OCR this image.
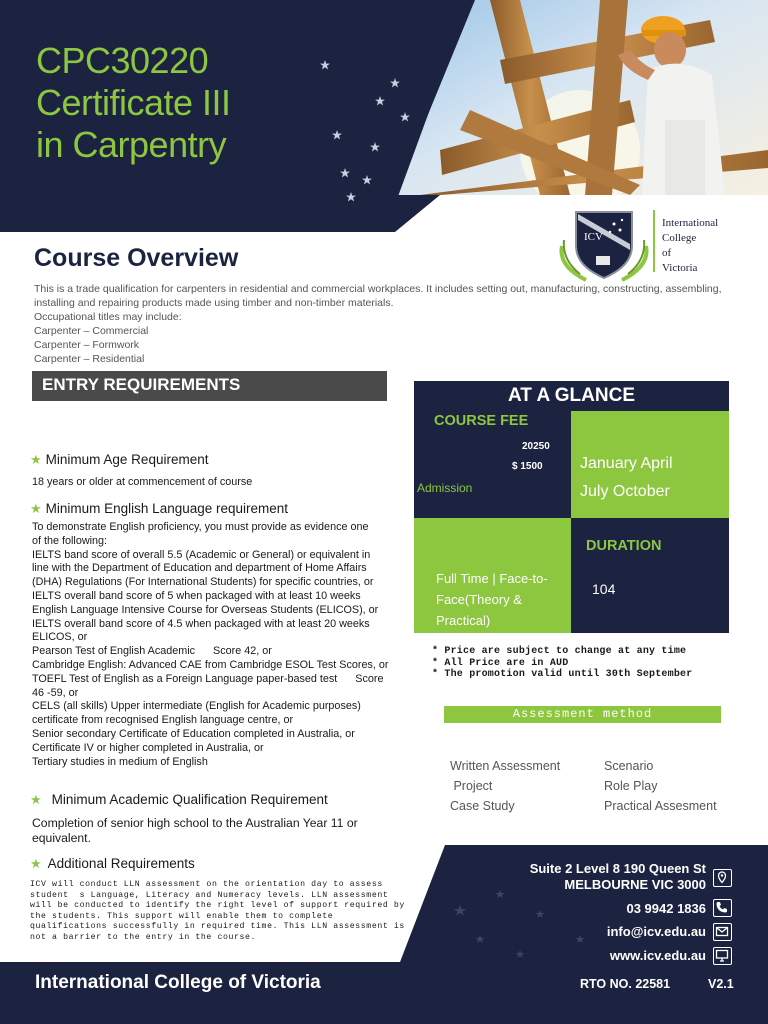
CPC30220
Certificate III
in Carpentry
ICV
International
College
of
Victoria
Course Overview
This is a trade qualification for carpenters in residential and commercial workplaces. It includes setting out, manufacturing, constructing, assembling, installing and repairing products made using timber and non-timber materials.
Occupational titles may include:
Carpenter – Commercial
Carpenter – Formwork
Carpenter – Residential
ENTRY REQUIREMENTS
★ Minimum Age Requirement
18 years or older at commencement of course
★ Minimum English Language requirement
To demonstrate English proficiency, you must provide as evidence one
of the following:
IELTS band score of overall 5.5 (Academic or General) or equivalent in
line with the Department of Education and department of Home Affairs
(DHA) Regulations (For International Students) for specific countries, or
IELTS overall band score of 5 when packaged with at least 10 weeks
English Language Intensive Course for Overseas Students (ELICOS), or
IELTS overall band score of 4.5 when packaged with at least 20 weeks
ELICOS, or
Pearson Test of English Academic      Score 42, or
Cambridge English: Advanced CAE from Cambridge ESOL Test Scores, or
TOEFL Test of English as a Foreign Language paper-based test      Score
46 -59, or
CELS (all skills) Upper intermediate (English for Academic purposes)
certificate from recognised English language centre, or
Senior secondary Certificate of Education completed in Australia, or
Certificate IV or higher completed in Australia, or
Tertiary studies in medium of English
★ Minimum Academic Qualification Requirement
Completion of senior high school to the Australian Year 11 or
equivalent.
★ Additional Requirements
ICV will conduct LLN assessment on the orientation day to assess
student  s Language, Literacy and Numeracy levels. LLN assessment
will be conducted to identify the right level of support required by
the students. This support will enable them to complete
qualifications successfully in required time. This LLN assessment is
not a barrier to the entry in the course.
AT A GLANCE
COURSE FEE
20250
$ 1500
Admission
January April
July October
DURATION
104
Full Time | Face-to-Face(Theory & Practical)
* Price are subject to change at any time
* All Price are in AUD
* The promotion valid until 30th September
Assessment method
Written Assessment
Project
Case Study
Scenario
Role Play
Practical Assesment
Suite 2 Level 8 190 Queen St
MELBOURNE VIC 3000
03 9942 1836
info@icv.edu.au
www.icv.edu.au
International College of Victoria	RTO NO. 22581	V2.1
